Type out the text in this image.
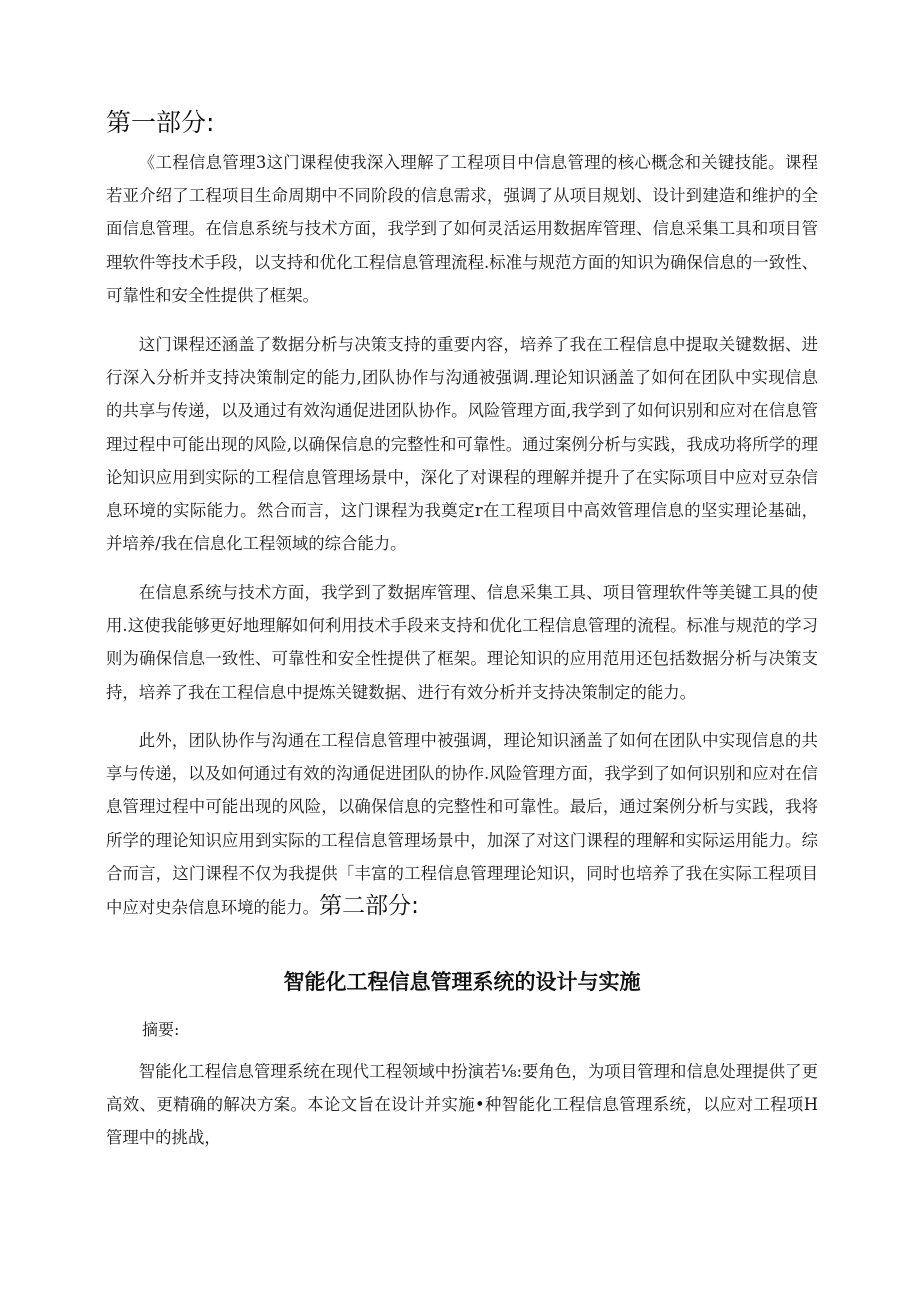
第一部分:

《工程信息管理3这门课程使我深入理解了工程项目中信息管理的核心概念和关键技能。课程若亚介绍了工程项目生命周期中不同阶段的信息需求，强调了从项目规划、设计到建造和维护的全面信息管理。在信息系统与技术方面，我学到了如何灵活运用数据库管理、信息采集工具和项目管理软件等技术手段，以支持和优化工程信息管理流程.标准与规范方面的知识为确保信息的一致性、可靠性和安全性提供了框架。

这门课程还涵盖了数据分析与决策支持的重要内容，培养了我在工程信息中提取关键数据、进行深入分析并支持决策制定的能力,团队协作与沟通被强调.理论知识涵盖了如何在团队中实现信息的共享与传递，以及通过有效沟通促进团队协作。风险管理方面,我学到了如何识别和应对在信息管理过程中可能出现的风险,以确保信息的完整性和可靠性。通过案例分析与实践，我成功将所学的理论知识应用到实际的工程信息管理场景中，深化了对课程的理解并提升了在实际项目中应对豆杂信息环境的实际能力。然合而言，这门课程为我奠定r在工程项目中高效管理信息的坚实理论基础，并培养/我在信息化工程领域的综合能力。

在信息系统与技术方面，我学到了数据库管理、信息采集工具、项目管理软件等美键工具的使用.这使我能够更好地理解如何利用技术手段来支持和优化工程信息管理的流程。标准与规范的学习则为确保信息一致性、可靠性和安全性提供了框架。理论知识的应用范用还包括数据分析与决策支持，培养了我在工程信息中提炼关键数据、进行有效分析并支持决策制定的能力。

此外，团队协作与沟通在工程信息管理中被强调，理论知识涵盖了如何在团队中实现信息的共享与传递，以及如何通过有效的沟通促进团队的协作.风险管理方面，我学到了如何识别和应对在信息管理过程中可能出现的风险，以确保信息的完整性和可靠性。最后，通过案例分析与实践，我将所学的理论知识应用到实际的工程信息管理场景中，加深了对这门课程的理解和实际运用能力。综合而言，这门课程不仅为我提供「丰富的工程信息管理理论知识，同时也培养了我在实际工程项目中应对史杂信息环境的能力。第二部分:

智能化工程信息管理系统的设计与实施
摘要:

智能化工程信息管理系统在现代工程领域中扮演若⅛:要角色，为项目管理和信息处理提供了更高效、更精确的解决方案。本论文旨在设计并实施•种智能化工程信息管理系统，以应对工程项H管理中的挑战，
